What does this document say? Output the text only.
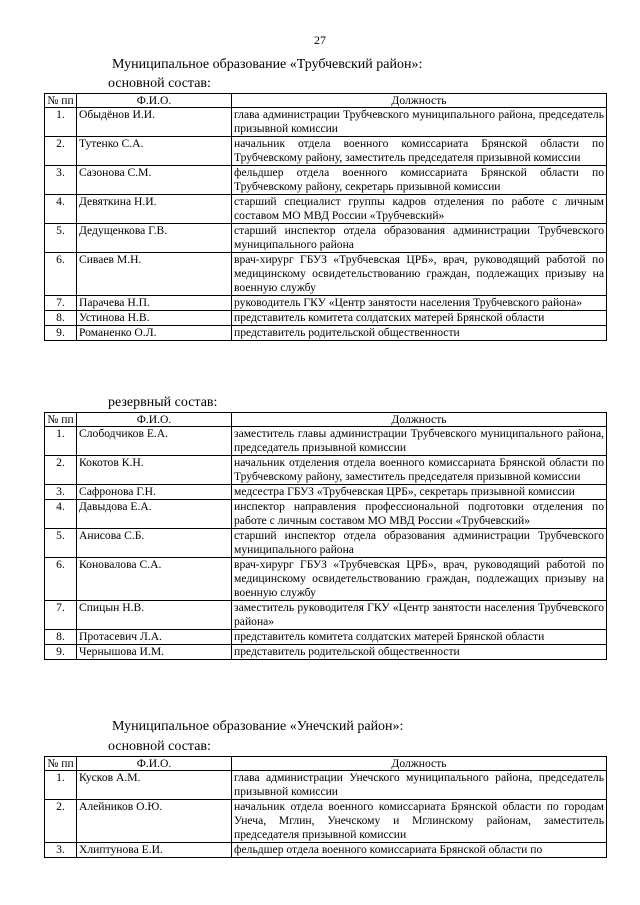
27
Муниципальное образование «Трубчевский район»:
основной состав:
№ пп	Ф.И.О.	Должность
1.	Обыдёнов И.И.	глава администрации Трубчевского муниципального района, председатель призывной комиссии
2.	Тутенко С.А.	начальник отдела военного комиссариата Брянской области по Трубчевскому району, заместитель председателя призывной комиссии
3.	Сазонова С.М.	фельдшер отдела военного комиссариата Брянской области по Трубчевскому району, секретарь призывной комиссии
4.	Девяткина Н.И.	старший специалист группы кадров отделения по работе с личным составом МО МВД России «Трубчевский»
5.	Дедущенкова Г.В.	старший инспектор отдела образования администрации Трубчевского муниципального района
6.	Сиваев М.Н.	врач-хирург ГБУЗ «Трубчевская ЦРБ», врач, руководящий работой по медицинскому освидетельствованию граждан, подлежащих призыву на военную службу
7.	Парачева Н.П.	руководитель ГКУ «Центр занятости населения Трубчевского района»
8.	Устинова Н.В.	представитель комитета солдатских матерей Брянской области
9.	Романенко О.Л.	представитель родительской общественности
резервный состав:
№ пп	Ф.И.О.	Должность
1.	Слободчиков Е.А.	заместитель главы администрации Трубчевского муниципального района, председатель призывной комиссии
2.	Кокотов К.Н.	начальник отделения отдела военного комиссариата Брянской области по Трубчевскому району, заместитель председателя призывной комиссии
3.	Сафронова Г.Н.	медсестра ГБУЗ «Трубчевская ЦРБ», секретарь призывной комиссии
4.	Давыдова Е.А.	инспектор направления профессиональной подготовки отделения по работе с личным составом МО МВД России «Трубчевский»
5.	Анисова С.Б.	старший инспектор отдела образования администрации Трубчевского муниципального района
6.	Коновалова С.А.	врач-хирург ГБУЗ «Трубчевская ЦРБ», врач, руководящий работой по медицинскому освидетельствованию граждан, подлежащих призыву на военную службу
7.	Спицын Н.В.	заместитель руководителя ГКУ «Центр занятости населения Трубчевского района»
8.	Протасевич Л.А.	представитель комитета солдатских матерей Брянской области
9.	Чернышова И.М.	представитель родительской общественности
Муниципальное образование «Унечский район»:
основной состав:
№ пп	Ф.И.О.	Должность
1.	Кусков А.М.	глава администрации Унечского муниципального района, председатель призывной комиссии
2.	Алейников О.Ю.	начальник отдела военного комиссариата Брянской области по городам Унеча, Мглин, Унечскому и Мглинскому районам, заместитель председателя призывной комиссии
3.	Хлиптунова Е.И.	фельдшер отдела военного комиссариата Брянской области по
